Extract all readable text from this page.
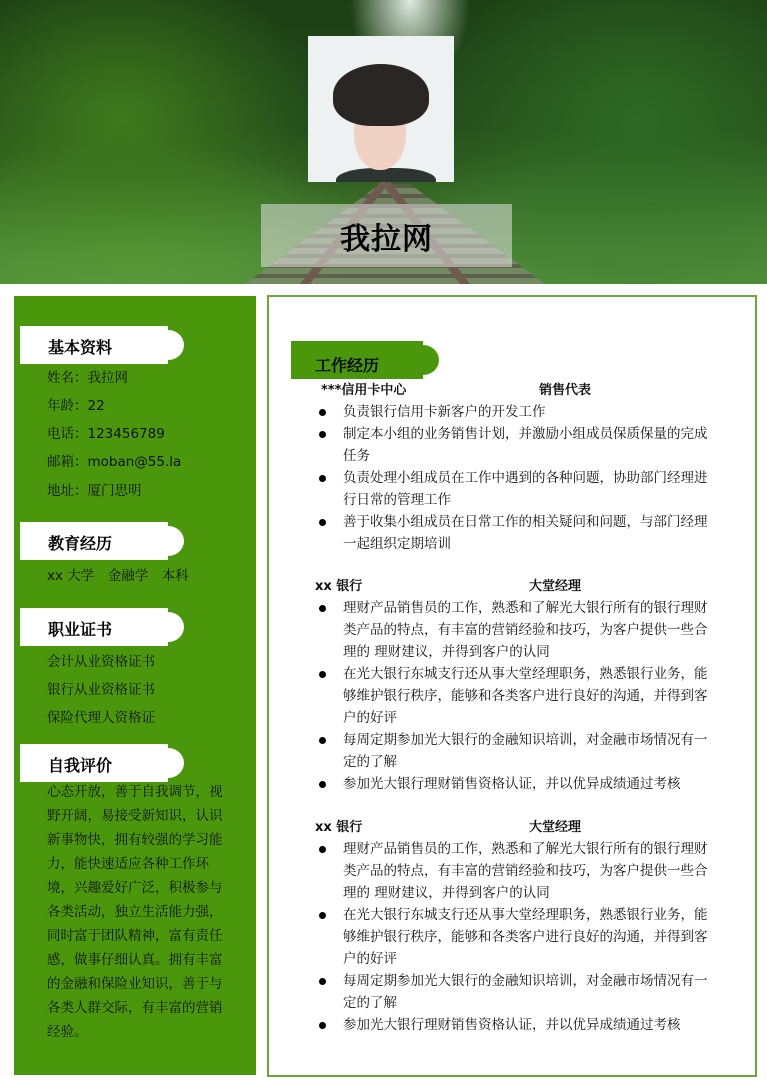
我拉网
基本资料
姓名：我拉网
年龄：22
电话：123456789
邮箱：moban@55.la
地址：厦门思明
教育经历
xx 大学　金融学　本科
职业证书
会计从业资格证书
银行从业资格证书
保险代理人资格证
自我评价
心态开放，善于自我调节，视野开阔，易接受新知识，认识新事物快，拥有较强的学习能力，能快速适应各种工作环境，兴趣爱好广泛，积极参与各类活动，独立生活能力强，同时富于团队精神，富有责任感，做事仔细认真。拥有丰富的金融和保险业知识，善于与各类人群交际，有丰富的营销经验。
工作经历
***信用卡中心	销售代表
负责银行信用卡新客户的开发工作
制定本小组的业务销售计划，并激励小组成员保质保量的完成任务
负责处理小组成员在工作中遇到的各种问题，协助部门经理进行日常的管理工作
善于收集小组成员在日常工作的相关疑问和问题，与部门经理一起组织定期培训
xx 银行	大堂经理
理财产品销售员的工作，熟悉和了解光大银行所有的银行理财类产品的特点，有丰富的营销经验和技巧，为客户提供一些合理的 理财建议，并得到客户的认同
在光大银行东城支行还从事大堂经理职务，熟悉银行业务，能够维护银行秩序，能够和各类客户进行良好的沟通，并得到客户的好评
每周定期参加光大银行的金融知识培训，对金融市场情况有一定的了解
参加光大银行理财销售资格认证，并以优异成绩通过考核
xx 银行	大堂经理
理财产品销售员的工作，熟悉和了解光大银行所有的银行理财类产品的特点，有丰富的营销经验和技巧，为客户提供一些合理的 理财建议，并得到客户的认同
在光大银行东城支行还从事大堂经理职务，熟悉银行业务，能够维护银行秩序，能够和各类客户进行良好的沟通，并得到客户的好评
每周定期参加光大银行的金融知识培训，对金融市场情况有一定的了解
参加光大银行理财销售资格认证，并以优异成绩通过考核
